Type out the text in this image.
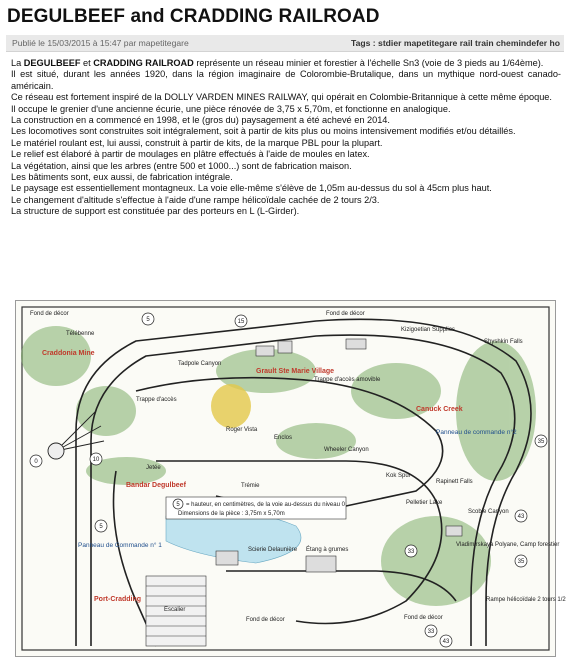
DEGULBEEF and CRADDING RAILROAD
Publié le 15/03/2015 à 15:47 par mapetitegare	Tags : stdier mapetitegare rail train chemindefer ho

La DEGULBEEF et CRADDING RAILROAD représente un réseau minier et forestier à l'échelle Sn3 (voie de 3 pieds au 1/64ème).

Il est situé, durant les années 1920, dans la région imaginaire de Colorombie-Brutalique, dans un mythique nord-ouest canado-américain.

Ce réseau est fortement inspiré de la DOLLY VARDEN MINES RAILWAY, qui opérait en Colombie-Britannique à cette même époque.

Il occupe le grenier d'une ancienne écurie, une pièce rénovée de 3,75 x 5,70m, et fonctionne en analogique.

La construction en a commencé en 1998, et le (gros du) paysagement a été achevé en 2014.

Les locomotives sont construites soit intégralement, soit à partir de kits plus ou moins intensivement modifiés et/ou détaillés.

Le matériel roulant est, lui aussi, construit à partir de kits, de la marque PBL pour la plupart.

Le relief est élaboré à partir de moulages en plâtre effectués à l'aide de moules en latex.

La végétation, ainsi que les arbres (entre 500 et 1000...) sont de fabrication maison.

Les bâtiments sont, eux aussi, de fabrication intégrale.

Le paysage est essentiellement montagneux. La voie elle-même s'élève de 1,05m au-dessus du sol à 45cm plus haut.

Le changement d'altitude s'effectue à l'aide d'une rampe hélicoïdale cachée de 2 tours 2/3.

La structure de support est constituée par des porteurs en L (L-Girder).

5 = hauteur, en centimètres, de la voie au-dessus du niveau 0
Dimensions de la pièce : 3,75m x 5,70m
5	15
35
43
33
10
5
0
35
43
33
Fond de décor
Télébenne
Craddonia Mine
Tadpole Canyon
Grault Ste Marie Village
Fond de décor
Kizigoetian Supplies
Shyshkin Falls
Trappe d'accès
Roger Vista
Enclos
Trappe d'accès amovible
Canuck Creek
Panneau de commande n°2
Wheeler Canyon
Jetée
Bandar Degulbeef	Trémie
Kok Spur
Rapinett Falls
Pelletier Lake
Scobie Canyon
Panneau de Commande n° 1
Scierie Delaunière Étang à grumes
Vladimirskaya Polyane, Camp forestier
Port-Cradding
Escalier
Fond de décor	Fond de décor
Rampe hélicoïdale 2 tours 1/2
